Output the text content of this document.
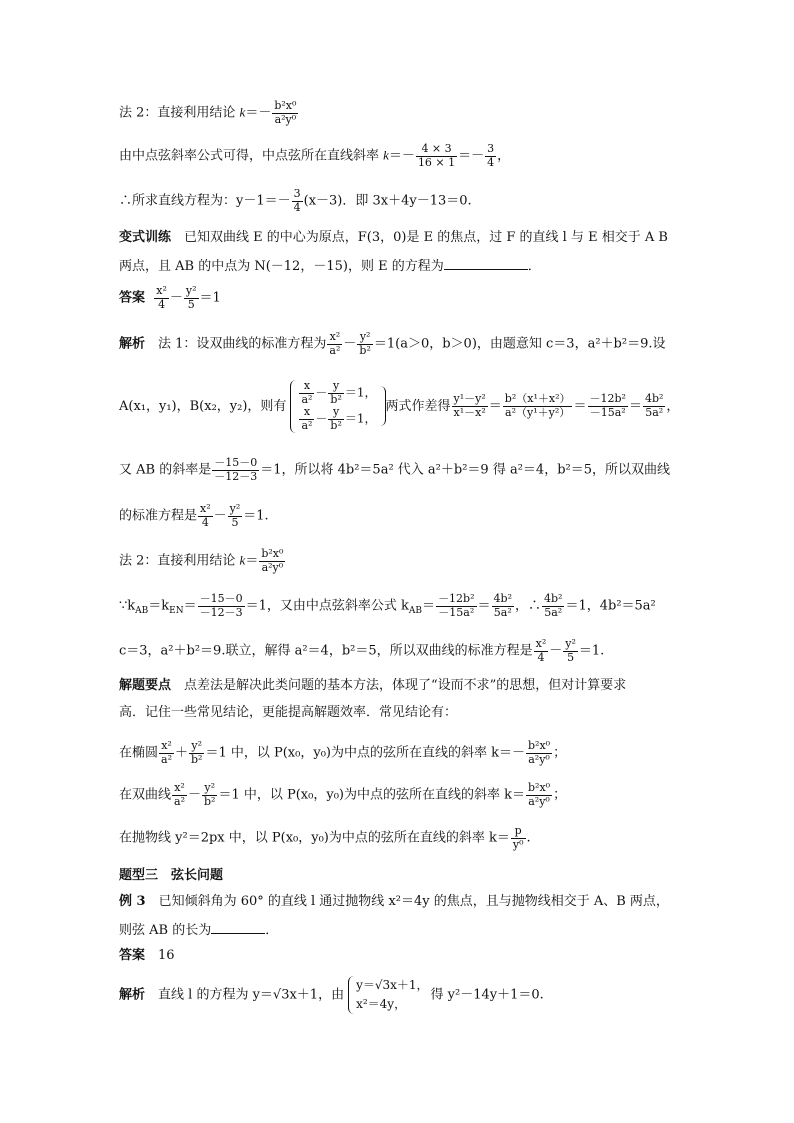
法 2：直接利用结论 $k=- \frac{\text{b²x⁰}}{\text{a²y⁰}}$
由中点弦斜率公式可得，中点弦所在直线斜率 $k=- \frac{4 \times 3}{16 \times 1} =- \frac{3}{4}$ ，
∴所求直线方程为：$y-1=- \frac{3}{4} (x-3)$．即 3x＋4y－13＝0.
变式训练　已知双曲线 E 的中心为原点，F(3，0)是 E 的焦点，过 F 的直线 l 与 E 相交于 A B
两点，且 AB 的中点为 N(－12，－15)，则 E 的方程为	．
答案 $\frac{\text{x²}}{4} - \frac{\text{y²}}{5} =1$
解析　法 1：设双曲线的标准方程为 $\frac{\text{x²}}{\text{a²}} - \frac{\text{y²}}{\text{b²}} =1(a>0$，b＞0)，由题意知 c＝3，a²＋b²＝9.设
A(x₁，y₁)，B(x₂，y₂)，则有 $\frac{x}{\text{a²}} - \frac{y}{\text{b²}} =1$，
$\frac{x}{\text{a²}} - \frac{y}{\text{b²}} =1$，
两式作差得 $\frac{\text{y¹－y²}}{\text{x¹－x²}} = \frac{\text{b²（x¹＋x²）}}{\text{a²（y¹＋y²）}} = \frac{\text{－12b²}}{\text{－15a²}} = \frac{\text{4b²}}{\text{5a²}}$ ，
又 AB 的斜率是 $\frac{-15-0}{-12-3} =1$，所以将 4b²＝5a² 代入 a²＋b²＝9 得 a²＝4，b²＝5，所以双曲线
的标准方程是 $\frac{\text{x²}}{4} - \frac{\text{y²}}{5} =1$.
法 2：直接利用结论 $k= \frac{\text{b²x⁰}}{\text{a²y⁰}}$
$\because k_{AB}=k_{EN}= \frac{-15-0}{-12-3} =1$，又由中点弦斜率公式 $k_{AB}= \frac{\text{－12b²}}{\text{－15a²}} = \frac{\text{4b²}}{\text{5a²}}$ ，∴ $\frac{\text{4b²}}{\text{5a²}} =1$，4b²＝5a²
c＝3，a²＋b²＝9.联立，解得 a²＝4，b²＝5，所以双曲线的标准方程是 $\frac{\text{x²}}{4} - \frac{\text{y²}}{5} =1$.
解题要点　点差法是解决此类问题的基本方法，体现了“设而不求”的思想，但对计算要求
高．记住一些常见结论，更能提高解题效率．常见结论有：
在椭圆 $\frac{\text{x²}}{\text{a²}} + \frac{\text{y²}}{\text{b²}} =1$ 中，以 P(x₀，y₀)为中点的弦所在直线的斜率 $k=- \frac{\text{b²x⁰}}{\text{a²y⁰}}$ ；
在双曲线 $\frac{\text{x²}}{\text{a²}} - \frac{\text{y²}}{\text{b²}} =1$ 中，以 P(x₀，y₀)为中点的弦所在直线的斜率 $k= \frac{\text{b²x⁰}}{\text{a²y⁰}}$ ；
在抛物线 y²＝2px 中，以 P(x₀，y₀)为中点的弦所在直线的斜率 $k= \frac{p}{\text{y⁰}}$ .
题型三　弦长问题
例 3　已知倾斜角为 60° 的直线 l 通过抛物线 x²＝4y 的焦点，且与抛物线相交于 A、B 两点，
则弦 AB 的长为	．
答案　16
解析　直线 l 的方程为 y＝√3x＋1，由
y＝√3x＋1，
x²＝4y，
得 y²－14y＋1＝0.
